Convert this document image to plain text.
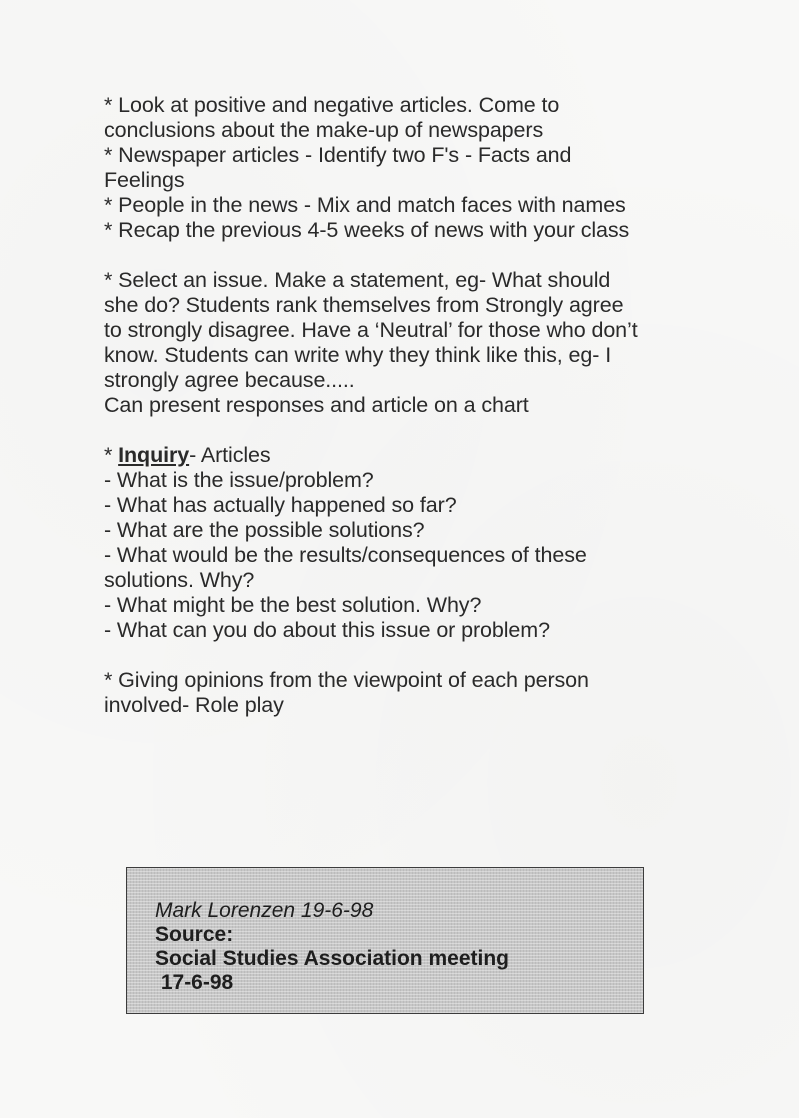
* Look at positive and negative articles. Come to
conclusions about the make-up of newspapers
* Newspaper articles - Identify two F's - Facts and
Feelings
* People in the news - Mix and match faces with names
* Recap the previous 4-5 weeks of news with your class
* Select an issue. Make a statement, eg- What should
she do? Students rank themselves from Strongly agree
to strongly disagree. Have a ‘Neutral’ for those who don’t
know. Students can write why they think like this, eg- I
strongly agree because.....
Can present responses and article on a chart
* Inquiry- Articles
- What is the issue/problem?
- What has actually happened so far?
- What are the possible solutions?
- What would be the results/consequences of these
solutions. Why?
- What might be the best solution. Why?
- What can you do about this issue or problem?
* Giving opinions from the viewpoint of each person
involved- Role play
Mark Lorenzen 19-6-98
Source:
Social Studies Association meeting
17-6-98
